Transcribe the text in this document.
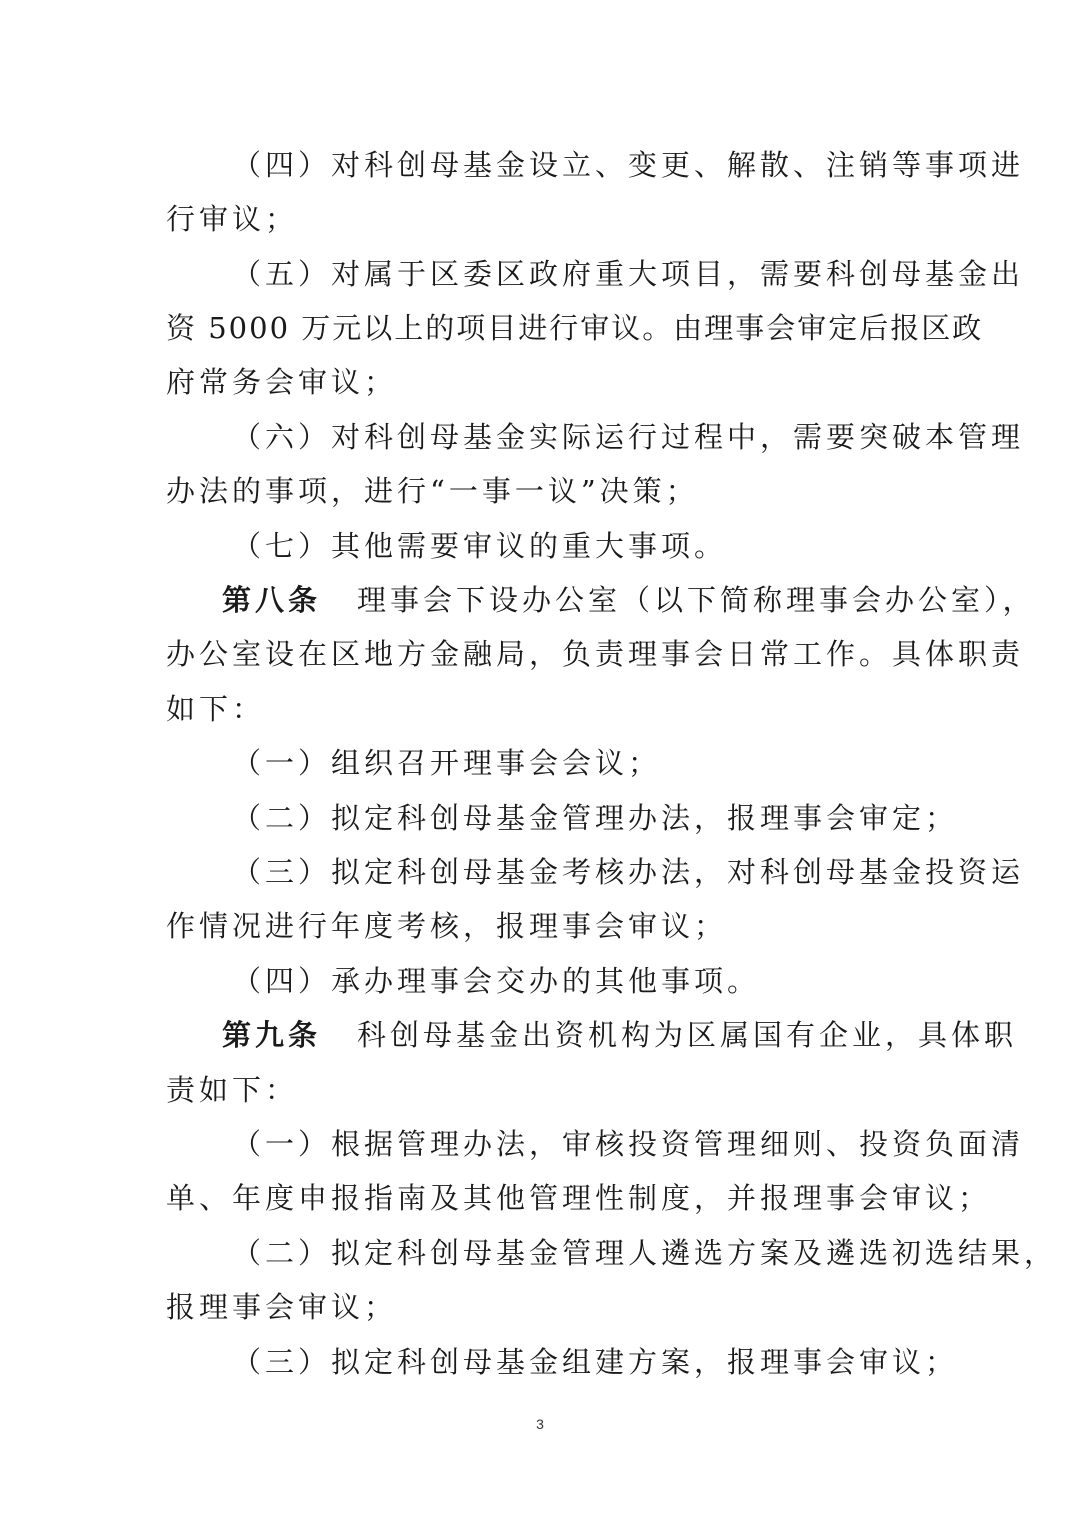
（四）对科创母基金设立、变更、解散、注销等事项进
行审议；
（五）对属于区委区政府重大项目，需要科创母基金出
资 5000 万元以上的项目进行审议。由理事会审定后报区政
府常务会审议；
（六）对科创母基金实际运行过程中，需要突破本管理
办法的事项，进行“一事一议”决策；
（七）其他需要审议的重大事项。
第八条 理事会下设办公室（以下简称理事会办公室），
办公室设在区地方金融局，负责理事会日常工作。具体职责
如下：
（一）组织召开理事会会议；
（二）拟定科创母基金管理办法，报理事会审定；
（三）拟定科创母基金考核办法，对科创母基金投资运
作情况进行年度考核，报理事会审议；
（四）承办理事会交办的其他事项。
第九条 科创母基金出资机构为区属国有企业，具体职
责如下：
（一）根据管理办法，审核投资管理细则、投资负面清
单、年度申报指南及其他管理性制度，并报理事会审议；
（二）拟定科创母基金管理人遴选方案及遴选初选结果，
报理事会审议；
（三）拟定科创母基金组建方案，报理事会审议；
3
